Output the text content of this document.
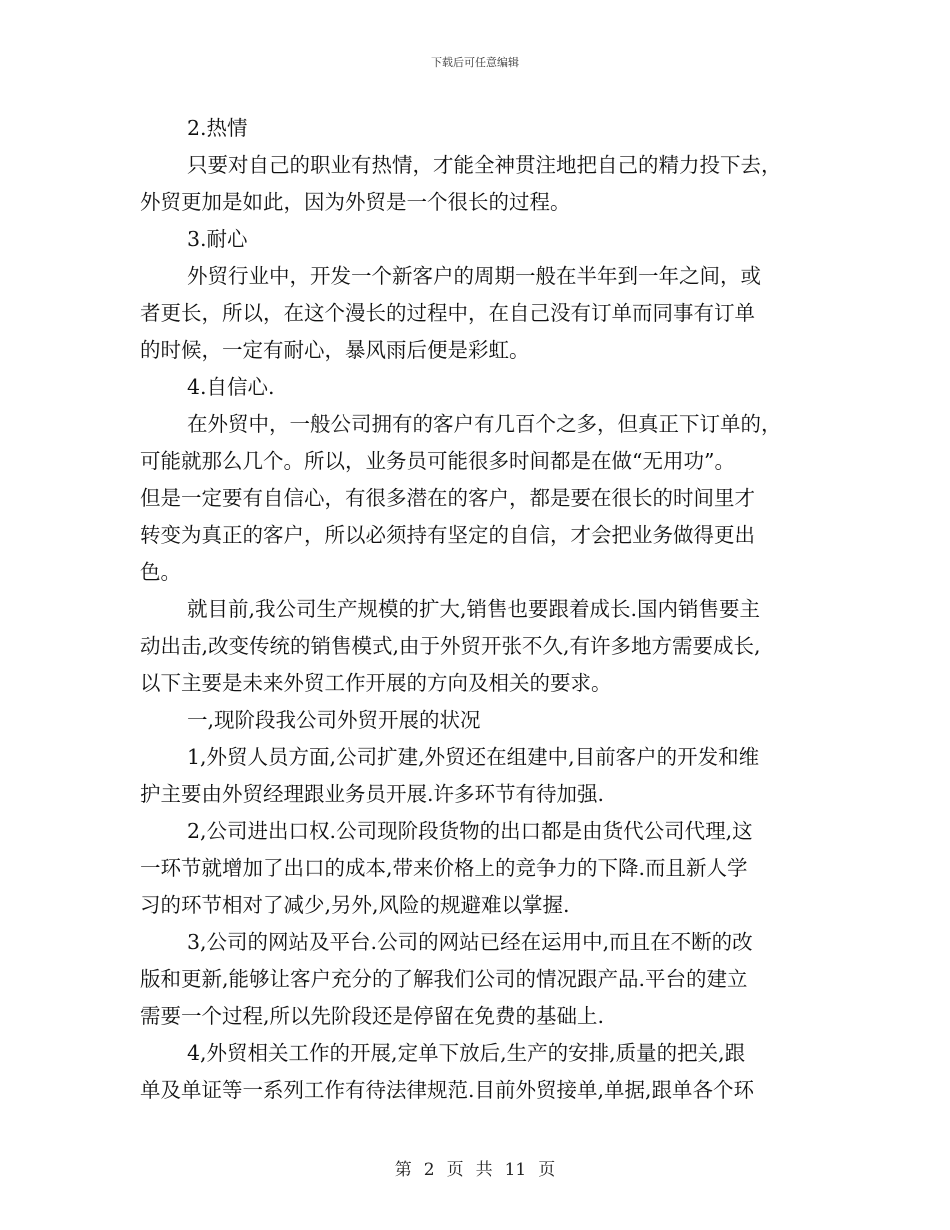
下载后可任意编辑
2.热情
只要对自己的职业有热情，才能全神贯注地把自己的精力投下去，
外贸更加是如此，因为外贸是一个很长的过程。
3.耐心
外贸行业中，开发一个新客户的周期一般在半年到一年之间，或
者更长，所以，在这个漫长的过程中，在自己没有订单而同事有订单
的时候，一定有耐心，暴风雨后便是彩虹。
4.自信心.
在外贸中，一般公司拥有的客户有几百个之多，但真正下订单的，
可能就那么几个。所以，业务员可能很多时间都是在做“无用功”。
但是一定要有自信心，有很多潜在的客户，都是要在很长的时间里才
转变为真正的客户，所以必须持有坚定的自信，才会把业务做得更出
色。
就目前,我公司生产规模的扩大,销售也要跟着成长.国内销售要主
动出击,改变传统的销售模式,由于外贸开张不久,有许多地方需要成长,
以下主要是未来外贸工作开展的方向及相关的要求。
一,现阶段我公司外贸开展的状况
1,外贸人员方面,公司扩建,外贸还在组建中,目前客户的开发和维
护主要由外贸经理跟业务员开展.许多环节有待加强.
2,公司进出口权.公司现阶段货物的出口都是由货代公司代理,这
一环节就增加了出口的成本,带来价格上的竞争力的下降.而且新人学
习的环节相对了减少,另外,风险的规避难以掌握.
3,公司的网站及平台.公司的网站已经在运用中,而且在不断的改
版和更新,能够让客户充分的了解我们公司的情况跟产品.平台的建立
需要一个过程,所以先阶段还是停留在免费的基础上.
4,外贸相关工作的开展,定单下放后,生产的安排,质量的把关,跟
单及单证等一系列工作有待法律规范.目前外贸接单,单据,跟单各个环
第 2 页 共 11 页
